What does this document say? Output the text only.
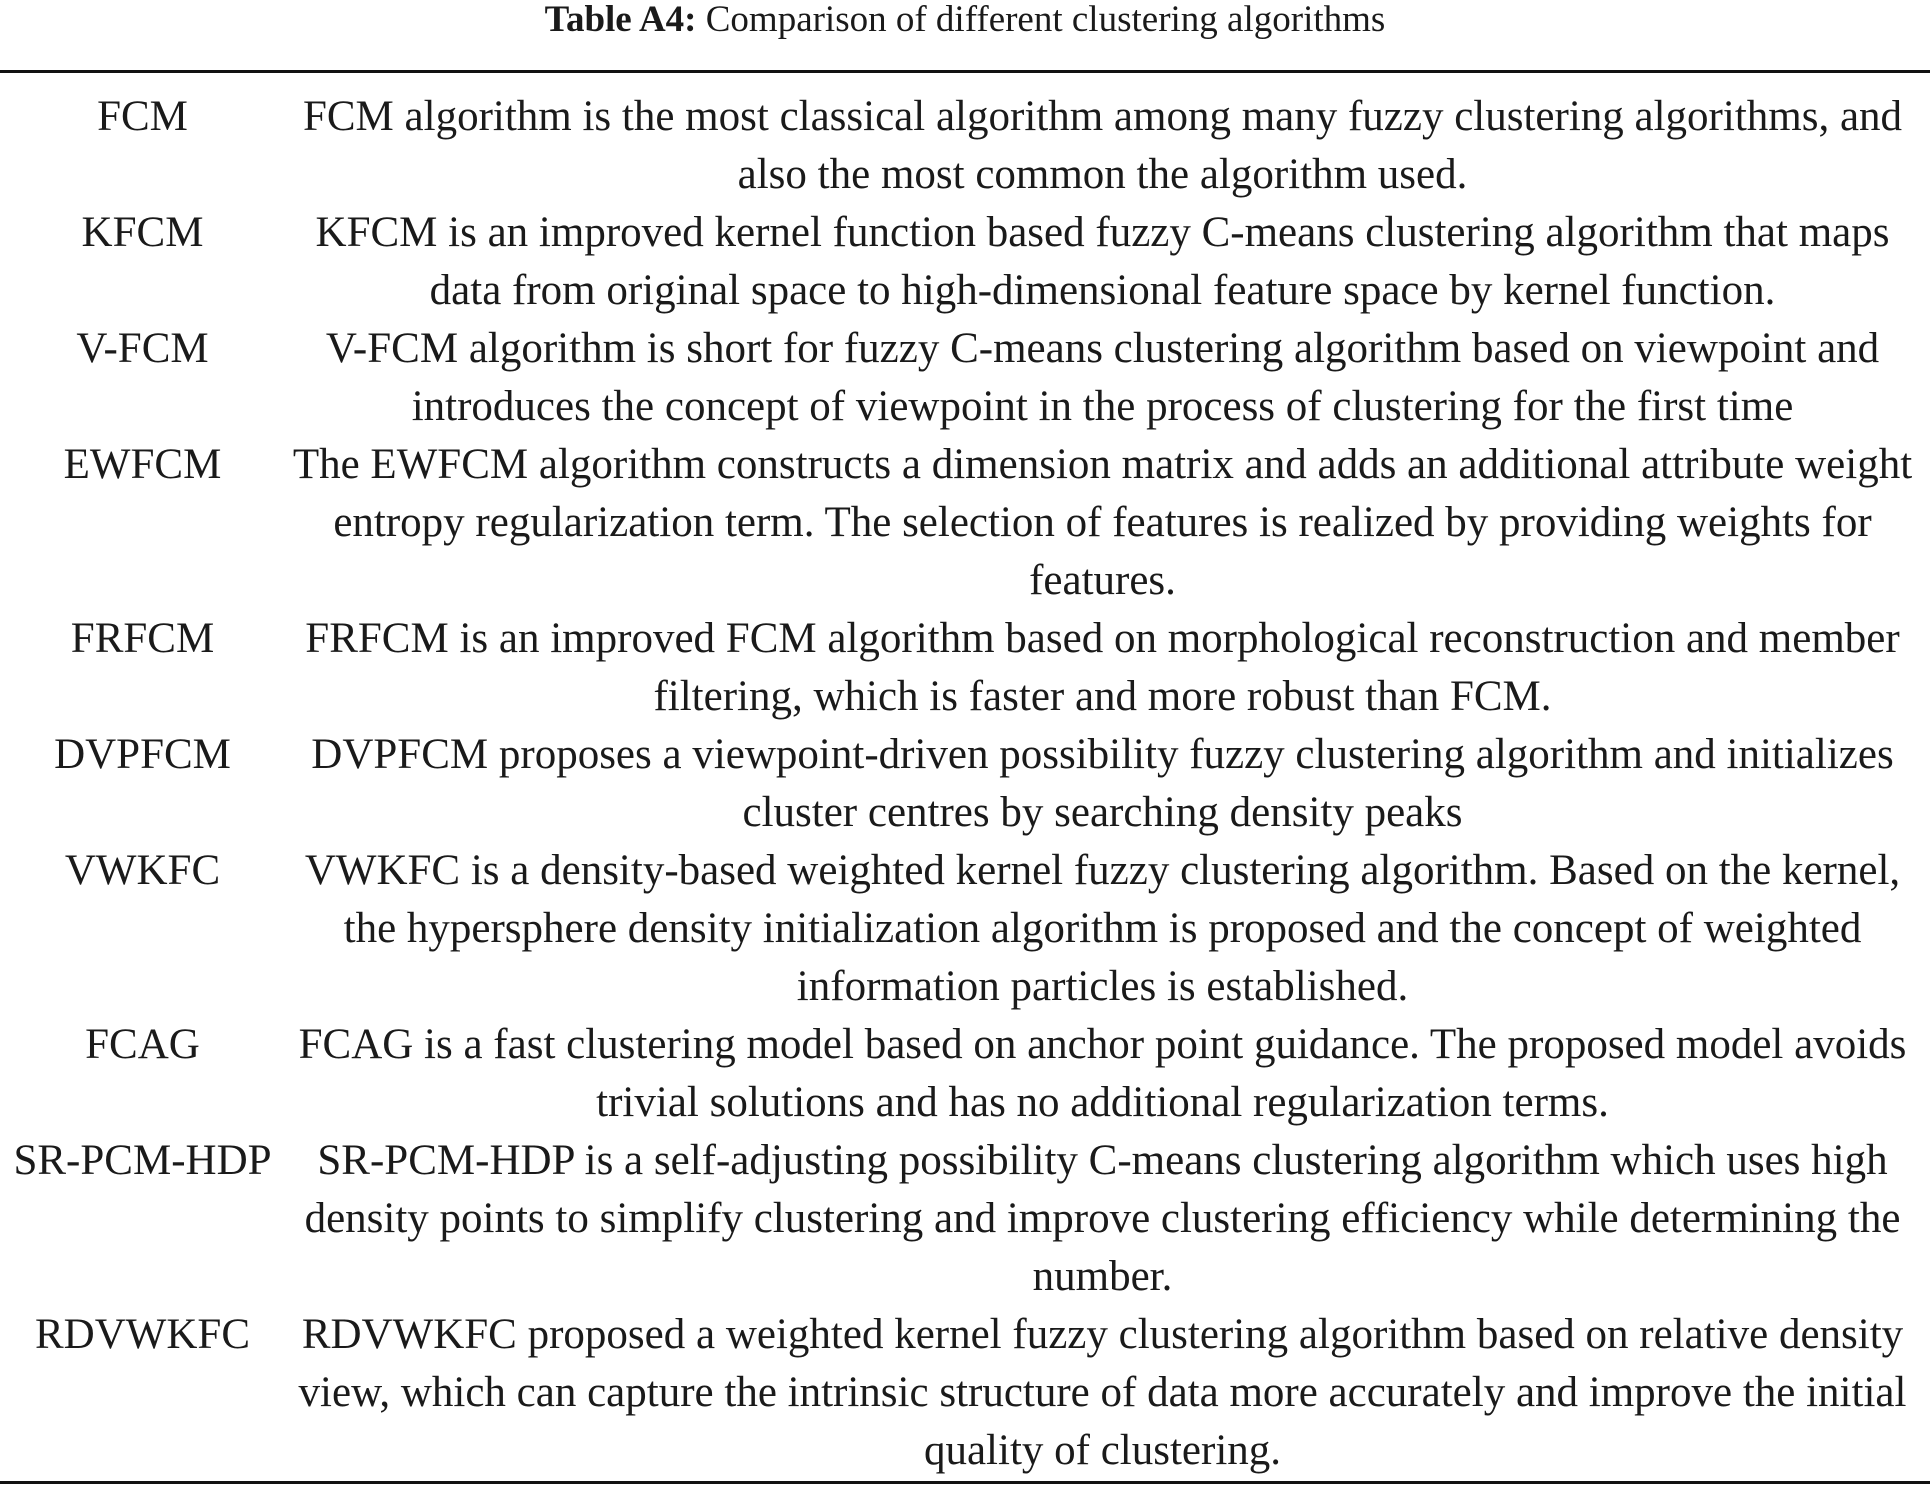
Table A4: Comparison of different clustering algorithms
FCM	FCM algorithm is the most classical algorithm among many fuzzy clustering algorithms, and also the most common the algorithm used.
KFCM	KFCM is an improved kernel function based fuzzy C-means clustering algorithm that maps data from original space to high-dimensional feature space by kernel function.
V-FCM	V-FCM algorithm is short for fuzzy C-means clustering algorithm based on viewpoint and introduces the concept of viewpoint in the process of clustering for the first time
EWFCM	The EWFCM algorithm constructs a dimension matrix and adds an additional attribute weight entropy regularization term. The selection of features is realized by providing weights for features.
FRFCM	FRFCM is an improved FCM algorithm based on morphological reconstruction and member filtering, which is faster and more robust than FCM.
DVPFCM	DVPFCM proposes a viewpoint-driven possibility fuzzy clustering algorithm and initializes cluster centres by searching density peaks
VWKFC	VWKFC is a density-based weighted kernel fuzzy clustering algorithm. Based on the kernel, the hypersphere density initialization algorithm is proposed and the concept of weighted information particles is established.
FCAG	FCAG is a fast clustering model based on anchor point guidance. The proposed model avoids trivial solutions and has no additional regularization terms.
SR-PCM-HDP	SR-PCM-HDP is a self-adjusting possibility C-means clustering algorithm which uses high density points to simplify clustering and improve clustering efficiency while determining the number.
RDVWKFC	RDVWKFC proposed a weighted kernel fuzzy clustering algorithm based on relative density view, which can capture the intrinsic structure of data more accurately and improve the initial quality of clustering.
